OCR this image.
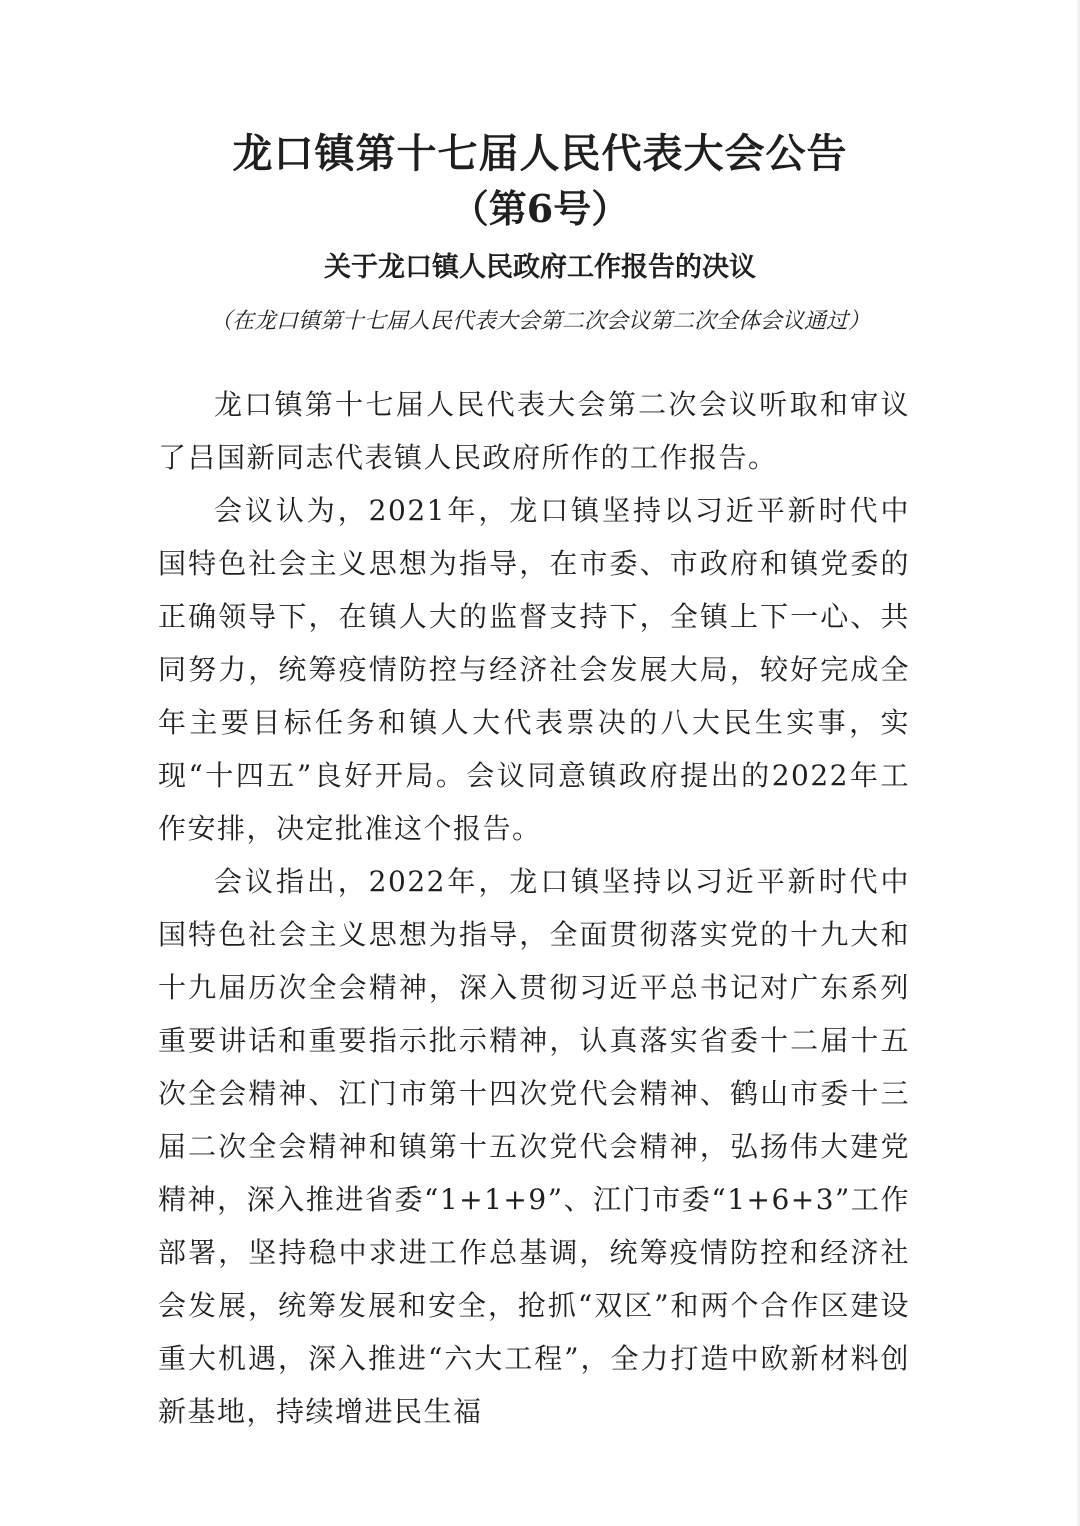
龙口镇第十七届人民代表大会公告
（第6号）
关于龙口镇人民政府工作报告的决议
（在龙口镇第十七届人民代表大会第二次会议第二次全体会议通过）

龙口镇第十七届人民代表大会第二次会议听取和审议了吕国新同志代表镇人民政府所作的工作报告。

会议认为，2021年，龙口镇坚持以习近平新时代中国特色社会主义思想为指导，在市委、市政府和镇党委的正确领导下，在镇人大的监督支持下，全镇上下一心、共同努力，统筹疫情防控与经济社会发展大局，较好完成全年主要目标任务和镇人大代表票决的八大民生实事，实现“十四五”良好开局。会议同意镇政府提出的2022年工作安排，决定批准这个报告。

会议指出，2022年，龙口镇坚持以习近平新时代中国特色社会主义思想为指导，全面贯彻落实党的十九大和十九届历次全会精神，深入贯彻习近平总书记对广东系列重要讲话和重要指示批示精神，认真落实省委十二届十五次全会精神、江门市第十四次党代会精神、鹤山市委十三届二次全会精神和镇第十五次党代会精神，弘扬伟大建党精神，深入推进省委“1+1+9”、江门市委“1+6+3”工作部署，坚持稳中求进工作总基调，统筹疫情防控和经济社会发展，统筹发展和安全，抢抓“双区”和两个合作区建设重大机遇，深入推进“六大工程”，全力打造中欧新材料创新基地，持续增进民生福
